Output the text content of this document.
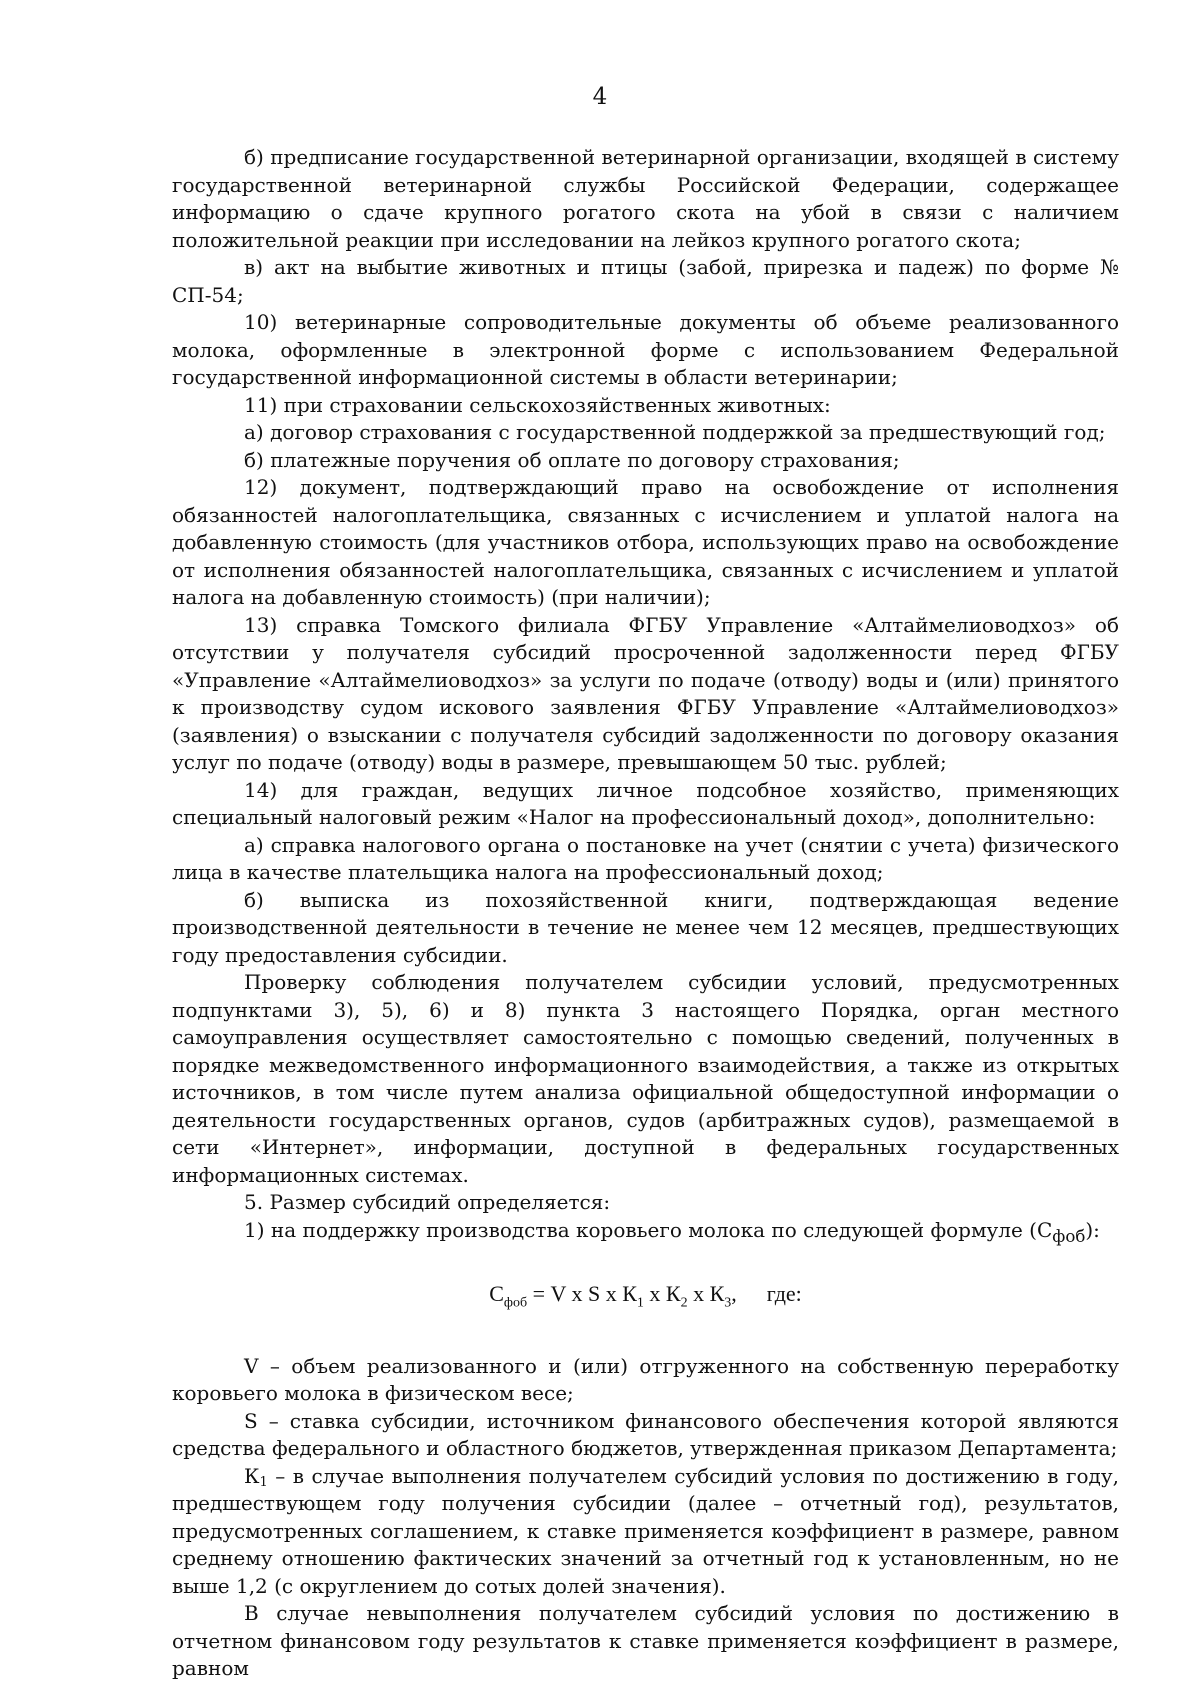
4

б) предписание государственной ветеринарной организации, входящей в систему государственной ветеринарной службы Российской Федерации, содержащее информацию о сдаче крупного рогатого скота на убой в связи с наличием положительной реакции при исследовании на лейкоз крупного рогатого скота;

в) акт на выбытие животных и птицы (забой, прирезка и падеж) по форме № СП-54;

10) ветеринарные сопроводительные документы об объеме реализованного молока, оформленные в электронной форме с использованием Федеральной государственной информационной системы в области ветеринарии;

11) при страховании сельскохозяйственных животных:

а) договор страхования с государственной поддержкой за предшествующий год;

б) платежные поручения об оплате по договору страхования;

12) документ, подтверждающий право на освобождение от исполнения обязанностей налогоплательщика, связанных с исчислением и уплатой налога на добавленную стоимость (для участников отбора, использующих право на освобождение от исполнения обязанностей налогоплательщика, связанных с исчислением и уплатой налога на добавленную стоимость) (при наличии);

13) справка Томского филиала ФГБУ Управление «Алтаймелиоводхоз» об отсутствии у получателя субсидий просроченной задолженности перед ФГБУ «Управление «Алтаймелиоводхоз» за услуги по подаче (отводу) воды и (или) принятого к производству судом искового заявления ФГБУ Управление «Алтаймелиоводхоз» (заявления) о взыскании с получателя субсидий задолженности по договору оказания услуг по подаче (отводу) воды в размере, превышающем 50 тыс. рублей;

14) для граждан, ведущих личное подсобное хозяйство, применяющих специальный налоговый режим «Налог на профессиональный доход», дополнительно:

а) справка налогового органа о постановке на учет (снятии с учета) физического лица в качестве плательщика налога на профессиональный доход;

б) выписка из похозяйственной книги, подтверждающая ведение производственной деятельности в течение не менее чем 12 месяцев, предшествующих году предоставления субсидии.

Проверку соблюдения получателем субсидии условий, предусмотренных подпунктами 3), 5), 6) и 8) пункта 3 настоящего Порядка, орган местного самоуправления осуществляет самостоятельно с помощью сведений, полученных в порядке межведомственного информационного взаимодействия, а также из открытых источников, в том числе путем анализа официальной общедоступной информации о деятельности государственных органов, судов (арбитражных судов), размещаемой в сети «Интернет», информации, доступной в федеральных государственных информационных системах.

5. Размер субсидий определяется:

1) на поддержку производства коровьего молока по следующей формуле $(С_{фоб})$:

$С_{фоб} = V$ x S x $К_1$ x $К_2$ x $К_3$, где:

V – объем реализованного и (или) отгруженного на собственную переработку коровьего молока в физическом весе;

S – ставка субсидии, источником финансового обеспечения которой являются средства федерального и областного бюджетов, утвержденная приказом Департамента;

К1 – в случае выполнения получателем субсидий условия по достижению в году, предшествующем году получения субсидии (далее – отчетный год), результатов, предусмотренных соглашением, к ставке применяется коэффициент в размере, равном среднему отношению фактических значений за отчетный год к установленным, но не выше 1,2 (с округлением до сотых долей значения).

В случае невыполнения получателем субсидий условия по достижению в отчетном финансовом году результатов к ставке применяется коэффициент в размере, равном
